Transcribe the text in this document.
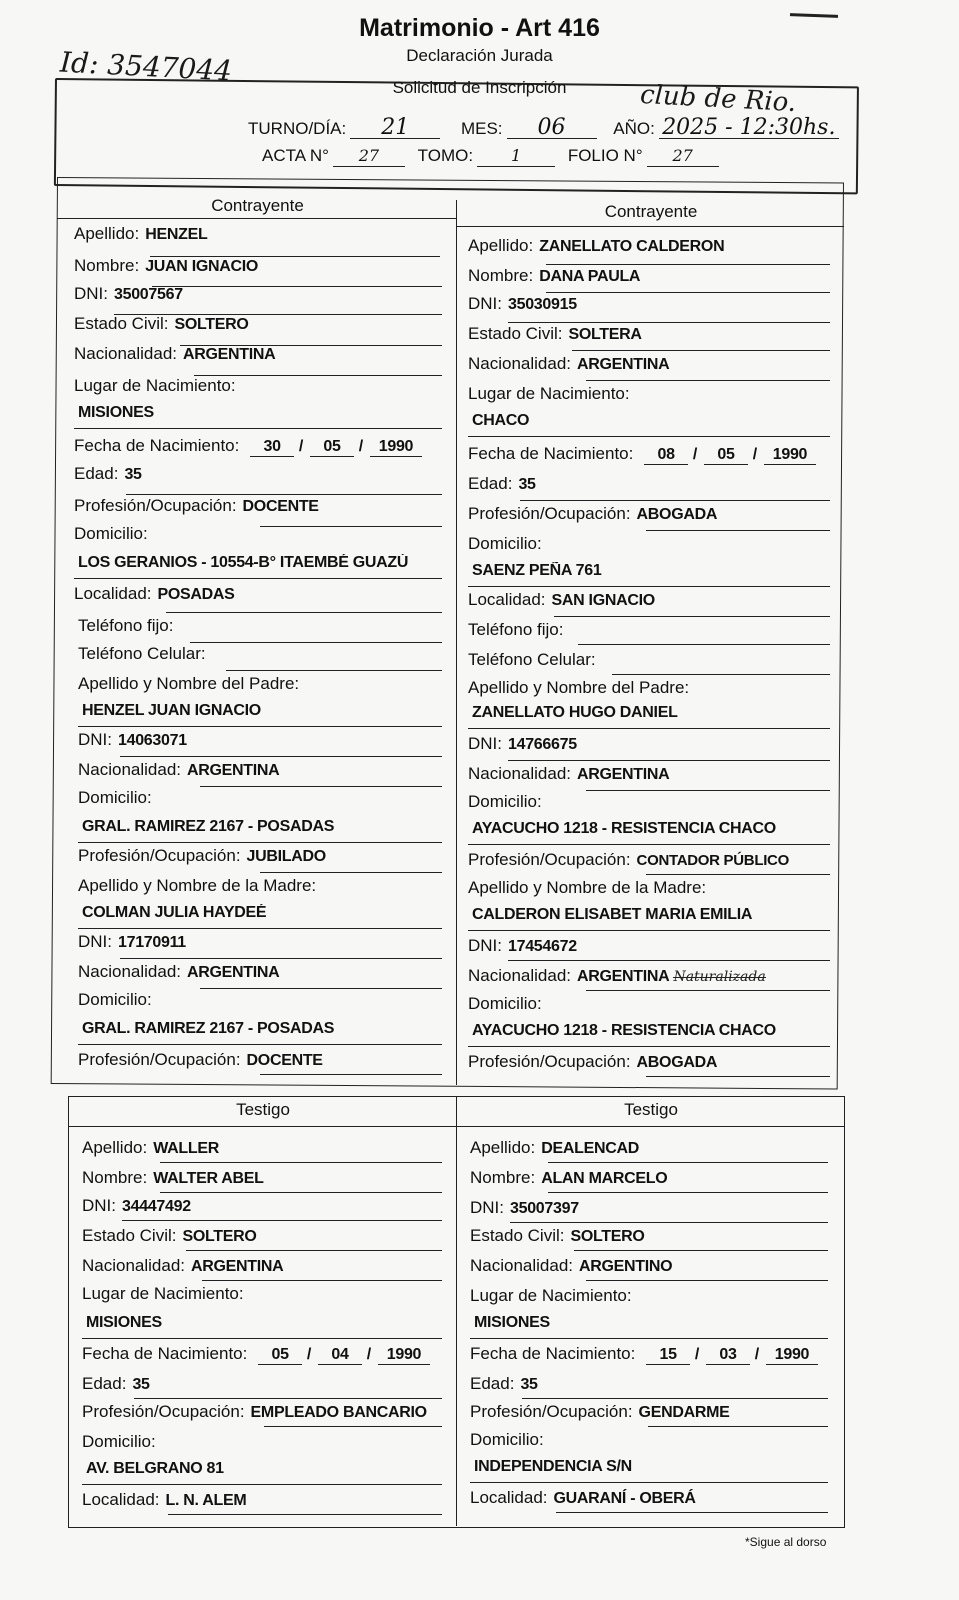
Matrimonio - Art 416
Declaración Jurada
Solicitud de Inscripción
Id: 3547044
club de Rio.
TURNO/DÍA: 21	MES: 06	AÑO: 2025 - 12:30hs.
ACTA N° 27 TOMO: 1	FOLIO N° 27
Contrayente
Apellido: HENZEL
Nombre: JUAN IGNACIO
DNI: 35007567
Estado Civil: SOLTERO
Nacionalidad: ARGENTINA
Lugar de Nacimiento:
MISIONES
Fecha de Nacimiento: 30 / 05 / 1990
Edad: 35
Profesión/Ocupación: DOCENTE
Domicilio:
LOS GERANIOS - 10554-B° ITAEMBÉ GUAZÚ
Localidad: POSADAS
Teléfono fijo:
Teléfono Celular:
Apellido y Nombre del Padre:
HENZEL JUAN IGNACIO
DNI: 14063071
Nacionalidad: ARGENTINA
Domicilio:
GRAL. RAMIREZ 2167 - POSADAS
Profesión/Ocupación: JUBILADO
Apellido y Nombre de la Madre:
COLMAN JULIA HAYDEÉ
DNI: 17170911
Nacionalidad: ARGENTINA
Domicilio:
GRAL. RAMIREZ 2167 - POSADAS
Profesión/Ocupación: DOCENTE
Contrayente
Apellido: ZANELLATO CALDERON
Nombre: DANA PAULA
DNI: 35030915
Estado Civil: SOLTERA
Nacionalidad: ARGENTINA
Lugar de Nacimiento:
CHACO
Fecha de Nacimiento: 08 / 05 / 1990
Edad: 35
Profesión/Ocupación: ABOGADA
Domicilio:
SAENZ PEÑA 761
Localidad: SAN IGNACIO
Teléfono fijo:
Teléfono Celular:
Apellido y Nombre del Padre:
ZANELLATO HUGO DANIEL
DNI: 14766675
Nacionalidad: ARGENTINA
Domicilio:
AYACUCHO 1218 - RESISTENCIA CHACO
Profesión/Ocupación: CONTADOR PÚBLICO
Apellido y Nombre de la Madre:
CALDERON ELISABET MARIA EMILIA
DNI: 17454672
Nacionalidad: ARGENTINA Naturalizada
Domicilio:
AYACUCHO 1218 - RESISTENCIA CHACO
Profesión/Ocupación: ABOGADA
Testigo
Apellido: WALLER
Nombre: WALTER ABEL
DNI: 34447492
Estado Civil: SOLTERO
Nacionalidad: ARGENTINA
Lugar de Nacimiento:
MISIONES
Fecha de Nacimiento: 05 / 04 / 1990
Edad: 35
Profesión/Ocupación: EMPLEADO BANCARIO
Domicilio:
AV. BELGRANO 81
Localidad: L. N. ALEM
Testigo
Apellido: DEALENCAD
Nombre: ALAN MARCELO
DNI: 35007397
Estado Civil: SOLTERO
Nacionalidad: ARGENTINO
Lugar de Nacimiento:
MISIONES
Fecha de Nacimiento: 15 / 03 / 1990
Edad: 35
Profesión/Ocupación: GENDARME
Domicilio:
INDEPENDENCIA S/N
Localidad: GUARANÍ - OBERÁ
*Sigue al dorso
